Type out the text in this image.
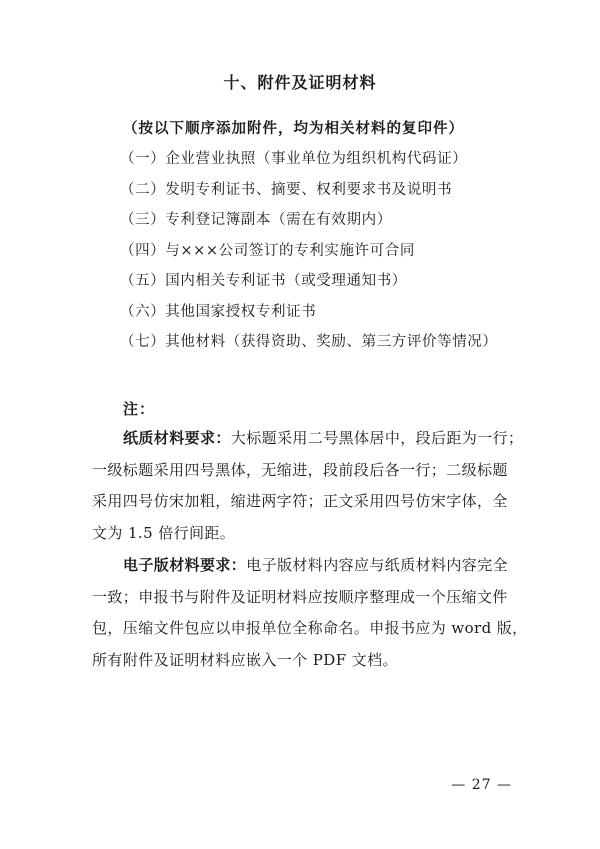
十、附件及证明材料
（按以下顺序添加附件，均为相关材料的复印件）
（一）企业营业执照（事业单位为组织机构代码证）
（二）发明专利证书、摘要、权利要求书及说明书
（三）专利登记簿副本（需在有效期内）
（四）与×××公司签订的专利实施许可合同
（五）国内相关专利证书（或受理通知书）
（六）其他国家授权专利证书
（七）其他材料（获得资助、奖励、第三方评价等情况）
注：
纸质材料要求：大标题采用二号黑体居中，段后距为一行；
一级标题采用四号黑体，无缩进，段前段后各一行；二级标题
采用四号仿宋加粗，缩进两字符；正文采用四号仿宋字体，全
文为 1.5 倍行间距。
电子版材料要求：电子版材料内容应与纸质材料内容完全
一致；申报书与附件及证明材料应按顺序整理成一个压缩文件
包，压缩文件包应以申报单位全称命名。申报书应为 word 版，
所有附件及证明材料应嵌入一个 PDF 文档。
— 27 —
